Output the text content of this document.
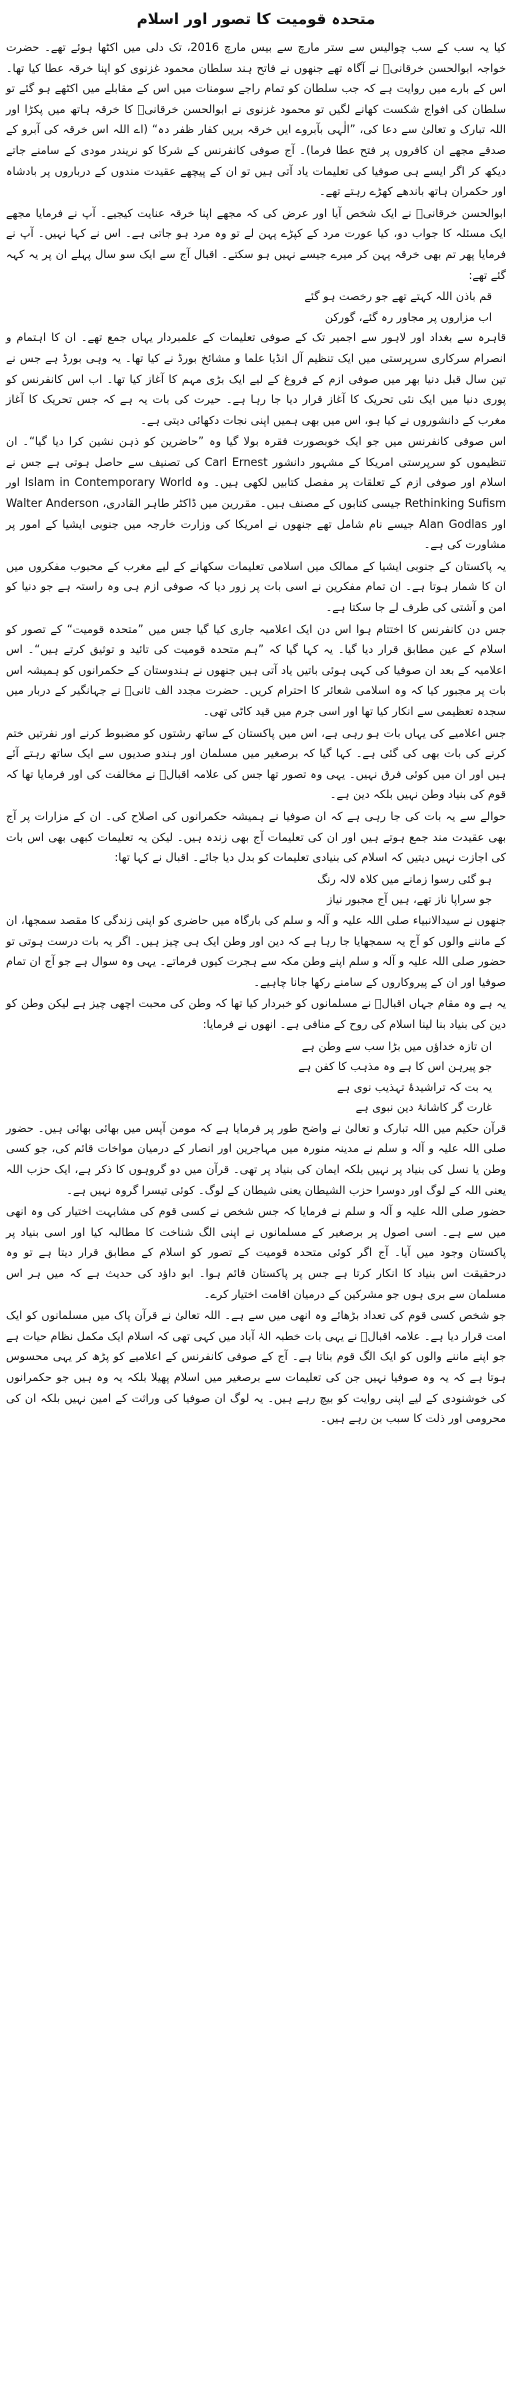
متحدہ قومیت کا تصور اور اسلام

کیا یہ سب کے سب چوالیس سے ستر مارچ سے بیس مارچ 2016، تک دلی میں اکٹھا ہوئے تھے۔ حضرت خواجہ ابوالحسن خرقانیؒ نے آگاہ تھے جنھوں نے فاتح ہند سلطان محمود غزنوی کو اپنا خرقہ عطا کیا تھا۔ اس کے بارے میں روایت ہے کہ جب سلطان کو تمام راجے سومنات میں اس کے مقابلے میں اکٹھے ہو گئے تو سلطان کی افواج شکست کھانے لگیں تو محمود غزنوی نے ابوالحسن خرقانیؒ کا خرقہ ہاتھ میں پکڑا اور اللہ تبارک و تعالیٰ سے دعا کی، ”الٰہی بآبروے ایں خرقہ بریں کفار ظفر دہ“ (اے اللہ اس خرقہ کی آبرو کے صدقے مجھے ان کافروں پر فتح عطا فرما)۔ آج صوفی کانفرنس کے شرکا کو نریندر مودی کے سامنے جاتے دیکھ کر اگر ایسے ہی صوفیا کی تعلیمات یاد آتی ہیں تو ان کے پیچھے عقیدت مندوں کے درباروں پر بادشاہ اور حکمران ہاتھ باندھے کھڑے رہتے تھے۔

ابوالحسن خرقانیؒ نے ایک شخص آیا اور عرض کی کہ مجھے اپنا خرقہ عنایت کیجیے۔ آپ نے فرمایا مجھے ایک مسئلہ کا جواب دو، کیا عورت مرد کے کپڑے پہن لے تو وہ مرد ہو جاتی ہے۔ اس نے کہا نہیں۔ آپ نے فرمایا پھر تم بھی خرقہ پہن کر میرے جیسے نہیں ہو سکتے۔ اقبال آج سے ایک سو سال پہلے ان پر یہ کہہ گئے تھے:

قم باذن اللہ کہتے تھے جو رخصت ہو گئے

اب مزاروں پر مجاور رہ گئے، گورکن

قاہرہ سے بغداد اور لاہور سے اجمیر تک کے صوفی تعلیمات کے علمبردار یہاں جمع تھے۔ ان کا اہتمام و انصرام سرکاری سرپرستی میں ایک تنظیم آل انڈیا علما و مشائخ بورڈ نے کیا تھا۔ یہ وہی بورڈ ہے جس نے تین سال قبل دنیا بھر میں صوفی ازم کے فروغ کے لیے ایک بڑی مہم کا آغاز کیا تھا۔ اب اس کانفرنس کو پوری دنیا میں ایک نئی تحریک کا آغاز قرار دیا جا رہا ہے۔ حیرت کی بات یہ ہے کہ جس تحریک کا آغاز مغرب کے دانشوروں نے کیا ہو، اس میں بھی ہمیں اپنی نجات دکھائی دیتی ہے۔

اس صوفی کانفرنس میں جو ایک خوبصورت فقرہ بولا گیا وہ ”حاضرین کو ذہن نشین کرا دیا گیا“۔ ان تنظیموں کو سرپرستی امریکا کے مشہور دانشور Carl Ernest کی تصنیف سے حاصل ہوتی ہے جس نے اسلام اور صوفی ازم کے تعلقات پر مفصل کتابیں لکھی ہیں۔ وہ Islam in Contemporary World اور Rethinking Sufism جیسی کتابوں کے مصنف ہیں۔ مقررین میں ڈاکٹر طاہر القادری، Walter Anderson اور Alan Godlas جیسے نام شامل تھے جنھوں نے امریکا کی وزارت خارجہ میں جنوبی ایشیا کے امور پر مشاورت کی ہے۔

یہ پاکستان کے جنوبی ایشیا کے ممالک میں اسلامی تعلیمات سکھانے کے لیے مغرب کے محبوب مفکروں میں ان کا شمار ہوتا ہے۔ ان تمام مفکرین نے اسی بات پر زور دیا کہ صوفی ازم ہی وہ راستہ ہے جو دنیا کو امن و آشتی کی طرف لے جا سکتا ہے۔

جس دن کانفرنس کا اختتام ہوا اس دن ایک اعلامیہ جاری کیا گیا جس میں ”متحدہ قومیت“ کے تصور کو اسلام کے عین مطابق قرار دیا گیا۔ یہ کہا گیا کہ ”ہم متحدہ قومیت کی تائید و توثیق کرتے ہیں“۔ اس اعلامیہ کے بعد ان صوفیا کی کہی ہوئی باتیں یاد آتی ہیں جنھوں نے ہندوستان کے حکمرانوں کو ہمیشہ اس بات پر مجبور کیا کہ وہ اسلامی شعائر کا احترام کریں۔ حضرت مجدد الف ثانیؒ نے جہانگیر کے دربار میں سجدہ تعظیمی سے انکار کیا تھا اور اسی جرم میں قید کاٹی تھی۔

جس اعلامیے کی یہاں بات ہو رہی ہے، اس میں پاکستان کے ساتھ رشتوں کو مضبوط کرنے اور نفرتیں ختم کرنے کی بات بھی کی گئی ہے۔ کہا گیا کہ برصغیر میں مسلمان اور ہندو صدیوں سے ایک ساتھ رہتے آئے ہیں اور ان میں کوئی فرق نہیں۔ یہی وہ تصور تھا جس کی علامہ اقبالؒ نے مخالفت کی اور فرمایا تھا کہ قوم کی بنیاد وطن نہیں بلکہ دین ہے۔

حوالے سے یہ بات کی جا رہی ہے کہ ان صوفیا نے ہمیشہ حکمرانوں کی اصلاح کی۔ ان کے مزارات پر آج بھی عقیدت مند جمع ہوتے ہیں اور ان کی تعلیمات آج بھی زندہ ہیں۔ لیکن یہ تعلیمات کبھی بھی اس بات کی اجازت نہیں دیتیں کہ اسلام کی بنیادی تعلیمات کو بدل دیا جائے۔ اقبال نے کہا تھا:

ہو گئی رسوا زمانے میں کلاہ لالہ رنگ

جو سراپا ناز تھے، ہیں آج مجبور نیاز

جنھوں نے سیدالانبیاء صلی اللہ علیہ و آلہ و سلم کی بارگاہ میں حاضری کو اپنی زندگی کا مقصد سمجھا، ان کے ماننے والوں کو آج یہ سمجھایا جا رہا ہے کہ دین اور وطن ایک ہی چیز ہیں۔ اگر یہ بات درست ہوتی تو حضور صلی اللہ علیہ و آلہ و سلم اپنے وطن مکہ سے ہجرت کیوں فرماتے۔ یہی وہ سوال ہے جو آج ان تمام صوفیا اور ان کے پیروکاروں کے سامنے رکھا جانا چاہیے۔

یہ ہے وہ مقام جہاں اقبالؒ نے مسلمانوں کو خبردار کیا تھا کہ وطن کی محبت اچھی چیز ہے لیکن وطن کو دین کی بنیاد بنا لینا اسلام کی روح کے منافی ہے۔ انھوں نے فرمایا:

ان تازہ خداؤں میں بڑا سب سے وطن ہے

جو پیرہن اس کا ہے وہ مذہب کا کفن ہے

یہ بت کہ تراشیدۂ تہذیب نوی ہے

غارت گر کاشانۂ دین نبوی ہے

قرآن حکیم میں اللہ تبارک و تعالیٰ نے واضح طور پر فرمایا ہے کہ مومن آپس میں بھائی بھائی ہیں۔ حضور صلی اللہ علیہ و آلہ و سلم نے مدینہ منورہ میں مہاجرین اور انصار کے درمیان مواخات قائم کی، جو کسی وطن یا نسل کی بنیاد پر نہیں بلکہ ایمان کی بنیاد پر تھی۔ قرآن میں دو گروہوں کا ذکر ہے، ایک حزب اللہ یعنی اللہ کے لوگ اور دوسرا حزب الشیطان یعنی شیطان کے لوگ۔ کوئی تیسرا گروہ نہیں ہے۔

حضور صلی اللہ علیہ و آلہ و سلم نے فرمایا کہ جس شخص نے کسی قوم کی مشابہت اختیار کی وہ انھی میں سے ہے۔ اسی اصول پر برصغیر کے مسلمانوں نے اپنی الگ شناخت کا مطالبہ کیا اور اسی بنیاد پر پاکستان وجود میں آیا۔ آج اگر کوئی متحدہ قومیت کے تصور کو اسلام کے مطابق قرار دیتا ہے تو وہ درحقیقت اس بنیاد کا انکار کرتا ہے جس پر پاکستان قائم ہوا۔ ابو داؤد کی حدیث ہے کہ میں ہر اس مسلمان سے بری ہوں جو مشرکین کے درمیان اقامت اختیار کرے۔

جو شخص کسی قوم کی تعداد بڑھائے وہ انھی میں سے ہے۔ اللہ تعالیٰ نے قرآن پاک میں مسلمانوں کو ایک امت قرار دیا ہے۔ علامہ اقبالؒ نے یہی بات خطبہ الہٰ آباد میں کہی تھی کہ اسلام ایک مکمل نظام حیات ہے جو اپنے ماننے والوں کو ایک الگ قوم بناتا ہے۔ آج کے صوفی کانفرنس کے اعلامیے کو پڑھ کر یہی محسوس ہوتا ہے کہ یہ وہ صوفیا نہیں جن کی تعلیمات سے برصغیر میں اسلام پھیلا بلکہ یہ وہ ہیں جو حکمرانوں کی خوشنودی کے لیے اپنی روایت کو بیچ رہے ہیں۔ یہ لوگ ان صوفیا کی وراثت کے امین نہیں بلکہ ان کی محرومی اور ذلت کا سبب بن رہے ہیں۔
